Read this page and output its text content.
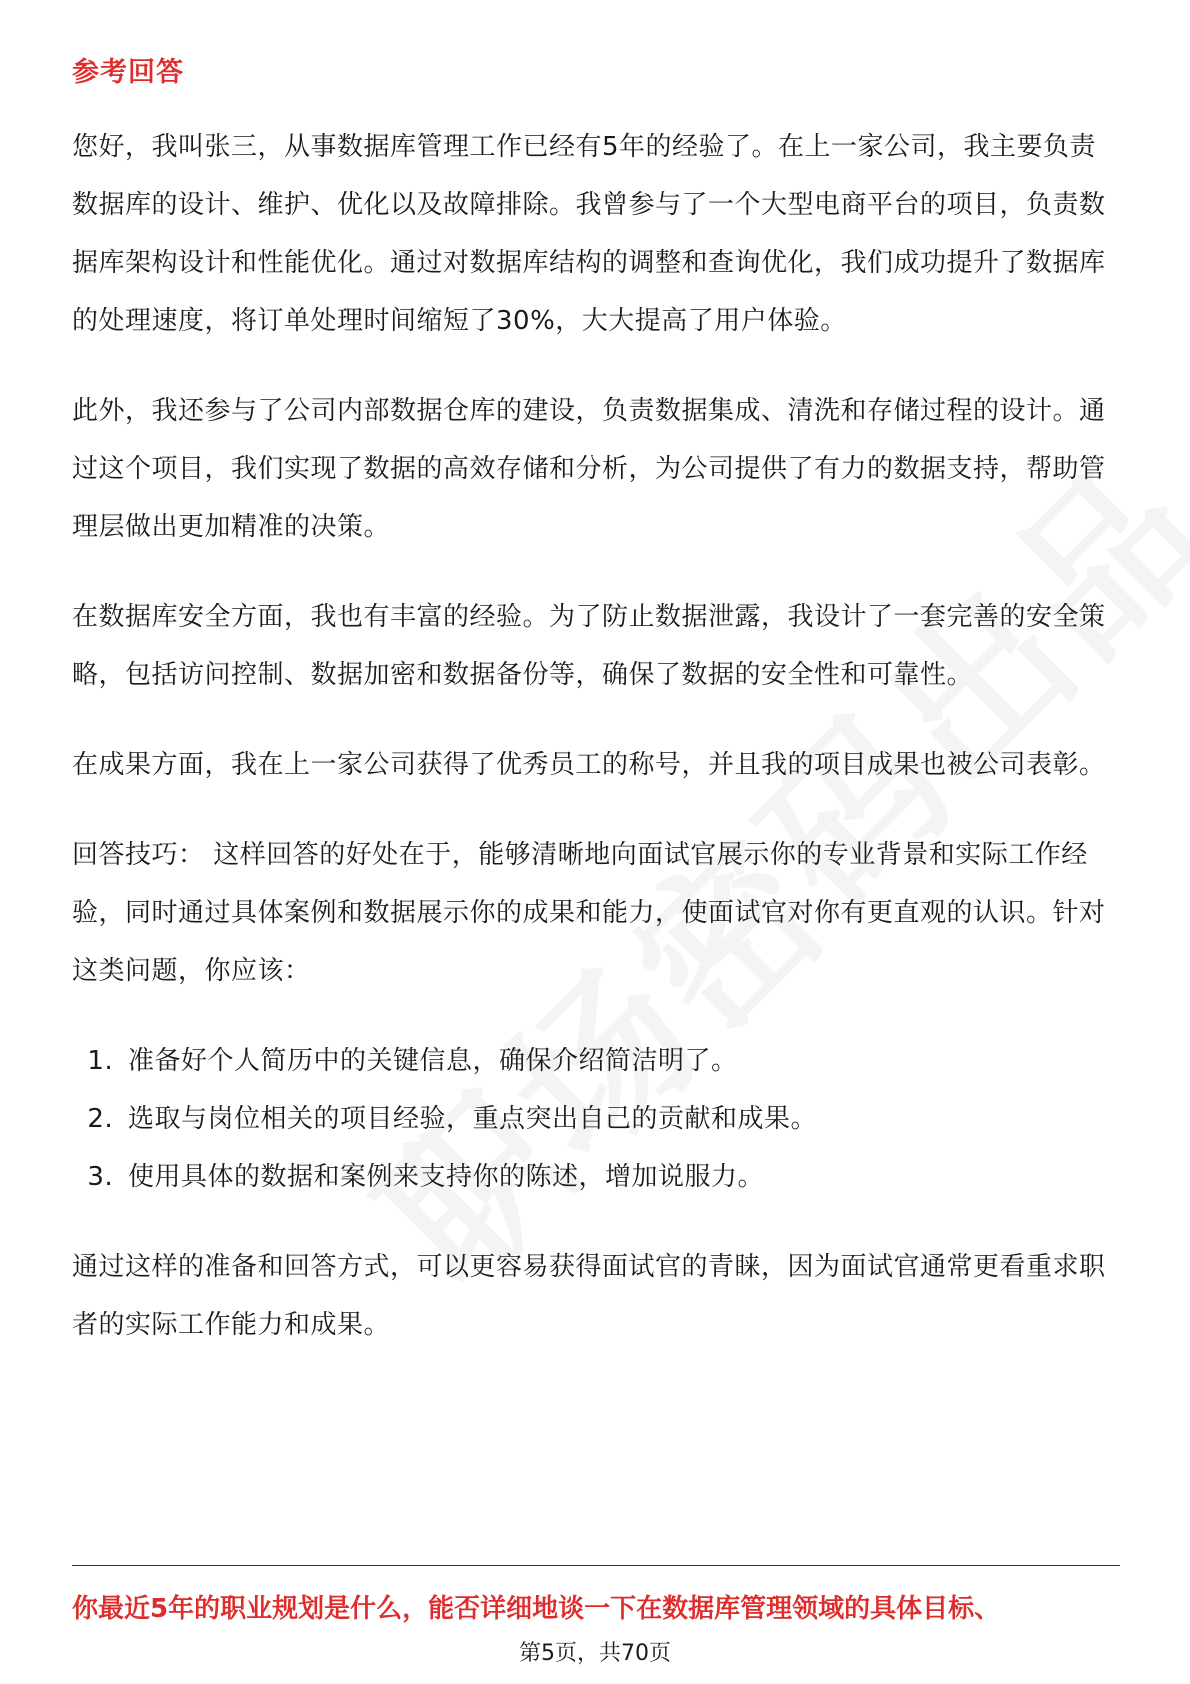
参考回答

您好，我叫张三，从事数据库管理工作已经有5年的经验了。在上一家公司，我主要负责数据库的设计、维护、优化以及故障排除。我曾参与了一个大型电商平台的项目，负责数据库架构设计和性能优化。通过对数据库结构的调整和查询优化，我们成功提升了数据库的处理速度，将订单处理时间缩短了30%，大大提高了用户体验。

此外，我还参与了公司内部数据仓库的建设，负责数据集成、清洗和存储过程的设计。通过这个项目，我们实现了数据的高效存储和分析，为公司提供了有力的数据支持，帮助管理层做出更加精准的决策。

在数据库安全方面，我也有丰富的经验。为了防止数据泄露，我设计了一套完善的安全策略，包括访问控制、数据加密和数据备份等，确保了数据的安全性和可靠性。

在成果方面，我在上一家公司获得了优秀员工的称号，并且我的项目成果也被公司表彰。

回答技巧： 这样回答的好处在于，能够清晰地向面试官展示你的专业背景和实际工作经验，同时通过具体案例和数据展示你的成果和能力，使面试官对你有更直观的认识。针对这类问题，你应该：

1. 准备好个人简历中的关键信息，确保介绍简洁明了。
2. 选取与岗位相关的项目经验，重点突出自己的贡献和成果。
3. 使用具体的数据和案例来支持你的陈述，增加说服力。

通过这样的准备和回答方式，可以更容易获得面试官的青睐，因为面试官通常更看重求职者的实际工作能力和成果。

你最近5年的职业规划是什么，能否详细地谈一下在数据库管理领域的具体目标、
第5页，共70页
